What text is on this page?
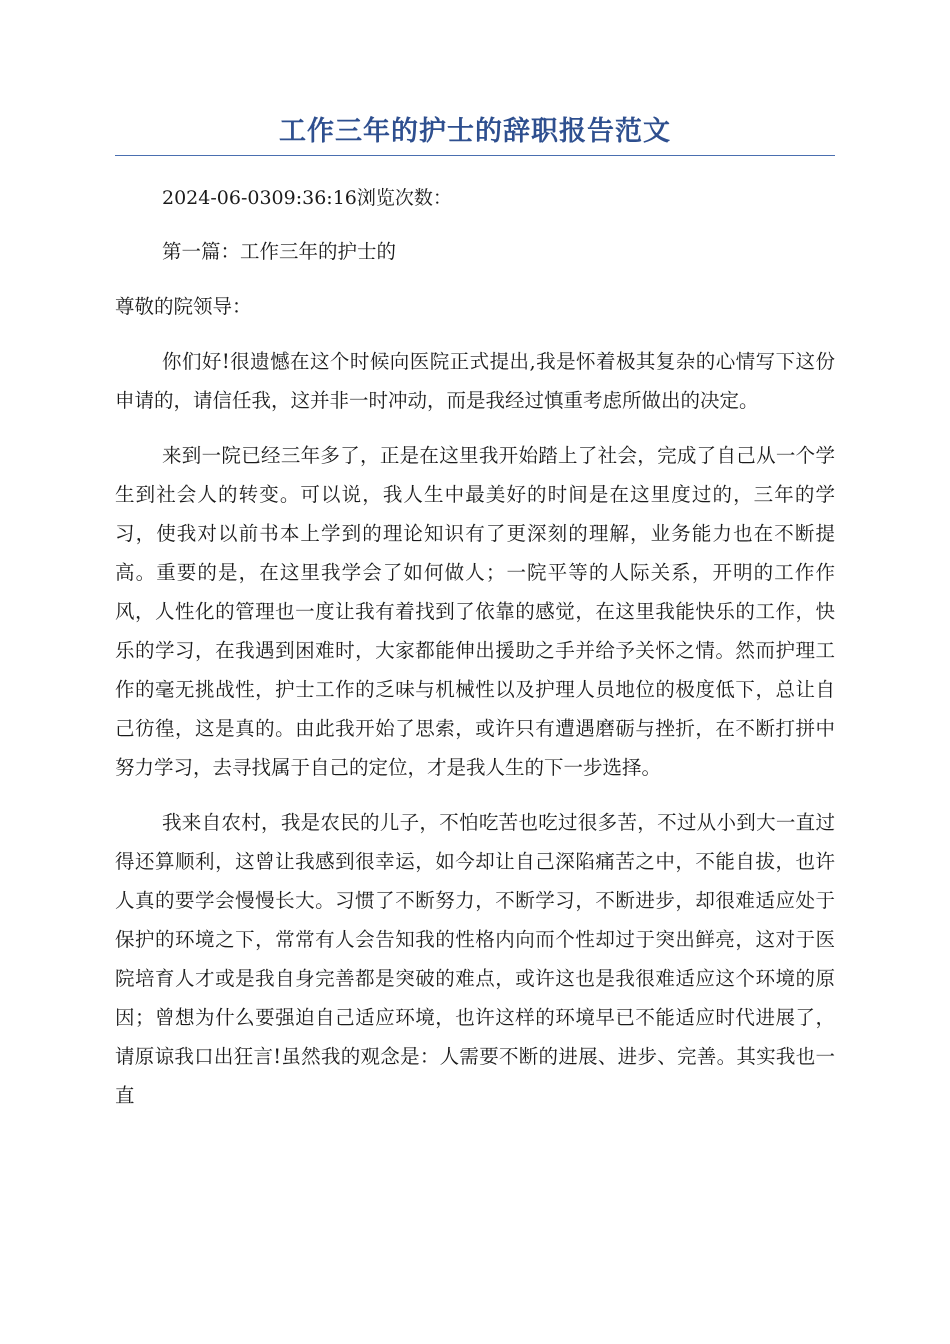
工作三年的护士的辞职报告范文

2024-06-0309:36:16浏览次数：

第一篇：工作三年的护士的

尊敬的院领导：

你们好!很遗憾在这个时候向医院正式提出,我是怀着极其复杂的心情写下这份申请的，请信任我，这并非一时冲动，而是我经过慎重考虑所做出的决定。

来到一院已经三年多了，正是在这里我开始踏上了社会，完成了自己从一个学生到社会人的转变。可以说，我人生中最美好的时间是在这里度过的，三年的学习，使我对以前书本上学到的理论知识有了更深刻的理解，业务能力也在不断提高。重要的是，在这里我学会了如何做人；一院平等的人际关系，开明的工作作风，人性化的管理也一度让我有着找到了依靠的感觉，在这里我能快乐的工作，快乐的学习，在我遇到困难时，大家都能伸出援助之手并给予关怀之情。然而护理工作的毫无挑战性，护士工作的乏味与机械性以及护理人员地位的极度低下，总让自己彷徨，这是真的。由此我开始了思索，或许只有遭遇磨砺与挫折，在不断打拼中努力学习，去寻找属于自己的定位，才是我人生的下一步选择。

我来自农村，我是农民的儿子，不怕吃苦也吃过很多苦，不过从小到大一直过得还算顺利，这曾让我感到很幸运，如今却让自己深陷痛苦之中，不能自拔，也许人真的要学会慢慢长大。习惯了不断努力，不断学习，不断进步，却很难适应处于保护的环境之下，常常有人会告知我的性格内向而个性却过于突出鲜亮，这对于医院培育人才或是我自身完善都是突破的难点，或许这也是我很难适应这个环境的原因；曾想为什么要强迫自己适应环境，也许这样的环境早已不能适应时代进展了，请原谅我口出狂言!虽然我的观念是：人需要不断的进展、进步、完善。其实我也一直
